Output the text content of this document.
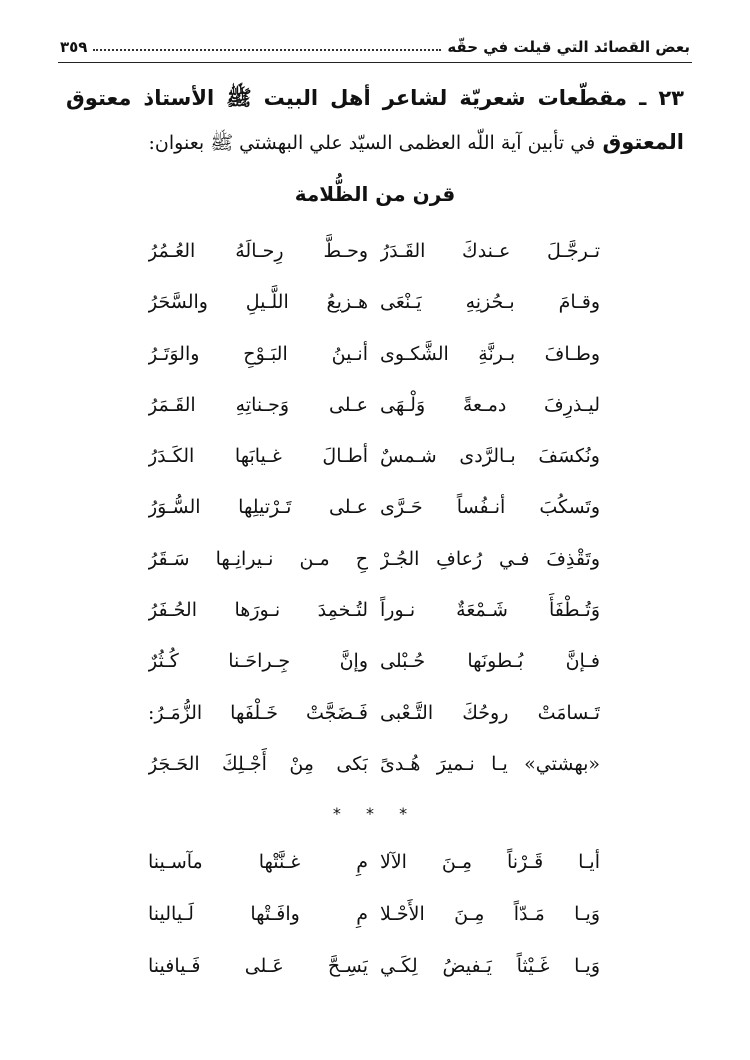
بعض القصائد التي قيلت في حقّه
٣٥٩
٢٣ ـ مقطّعات شعريّة لشاعر أهل البيت ﷺ الأستاذ معتوق المعتوق في تأبين آية اللّه العظمى السيّد علي البهشتي ﷺ بعنوان:
قرن من الظُّلامة
تـرجَّـلَ عـندكَ القَـدَرُ
وحـطَّ رِحـالَهُ العُـمُرُ
وقـامَ بـحُزنِهِ يَـنْعَى
هـزيعُ اللَّـيلِ والسَّحَرُ
وطـافَ بـرنَّةِ الشَّكـوى
أنـينُ البَـوْحِ والوَتَـرُ
ليـذرِفَ دمـعةً وَلْـهَى
عـلى وَجـناتِهِ القَـمَرُ
ونُكسَفَ بـالرَّدى شـمسٌ
أطـالَ غـيابَها الكَـدَرُ
وتَسكُبَ أنـفُساً حَـرَّى
عـلى تَـرْتيلِها السُّـوَرُ
وتَقْذِفَ فـي رُعافِ الجُـرْ
حِ مـن نـيرانِـها سَـقَرُ
وَتُـطْفَأَ شَـمْعَةٌ نـوراً
لتُـخمِدَ نـورَها الحُـفَرُ
فـإنَّ بُـطونَها حُـبْلى
وإنَّ جِـراحَـنا كُـثُرٌ
تَـسامَتْ روحُكَ التَّـعْبى
فَـضَجَّتْ خَـلْفَها الزُّمَـرُ:
«بهشتي» يـا نـميرَ هُـدىً
بَكى مِنْ أَجْـلِكَ الحَـجَرُ
* * *
أيـا قَـرْناً مِـنَ الآلا
مِ غـنَّتْها مآسـينا
وَيـا مَـدّاً مِـنَ الأَحْـلا
مِ وافَـتْها لَـيالينا
وَيـا غَـيْثاً يَـفيضُ لِكَـي
يَسِـحَّ عَـلى فَـيافينا
